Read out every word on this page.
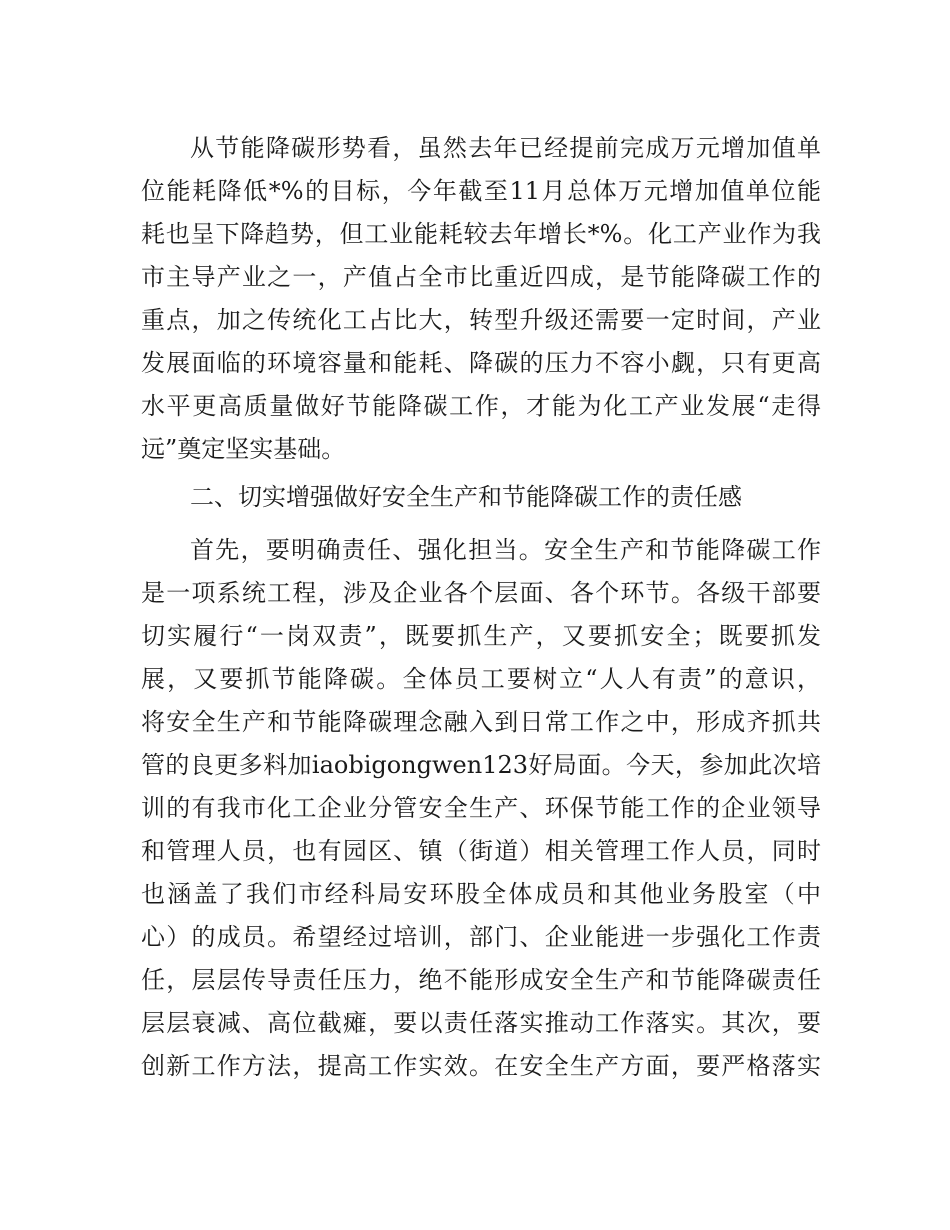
从节能降碳形势看，虽然去年已经提前完成万元增加值单
位能耗降低*%的目标，今年截至11月总体万元增加值单位能
耗也呈下降趋势，但工业能耗较去年增长*%。化工产业作为我
市主导产业之一，产值占全市比重近四成，是节能降碳工作的
重点，加之传统化工占比大，转型升级还需要一定时间，产业
发展面临的环境容量和能耗、降碳的压力不容小觑，只有更高
水平更高质量做好节能降碳工作，才能为化工产业发展“走得
远”奠定坚实基础。
二、切实增强做好安全生产和节能降碳工作的责任感
首先，要明确责任、强化担当。安全生产和节能降碳工作
是一项系统工程，涉及企业各个层面、各个环节。各级干部要
切实履行“一岗双责”，既要抓生产，又要抓安全；既要抓发
展，又要抓节能降碳。全体员工要树立“人人有责”的意识，
将安全生产和节能降碳理念融入到日常工作之中，形成齐抓共
管的良更多料加iaobigongwen123好局面。今天，参加此次培
训的有我市化工企业分管安全生产、环保节能工作的企业领导
和管理人员，也有园区、镇（街道）相关管理工作人员，同时
也涵盖了我们市经科局安环股全体成员和其他业务股室（中
心）的成员。希望经过培训，部门、企业能进一步强化工作责
任，层层传导责任压力，绝不能形成安全生产和节能降碳责任
层层衰减、高位截瘫，要以责任落实推动工作落实。其次，要
创新工作方法，提高工作实效。在安全生产方面，要严格落实
